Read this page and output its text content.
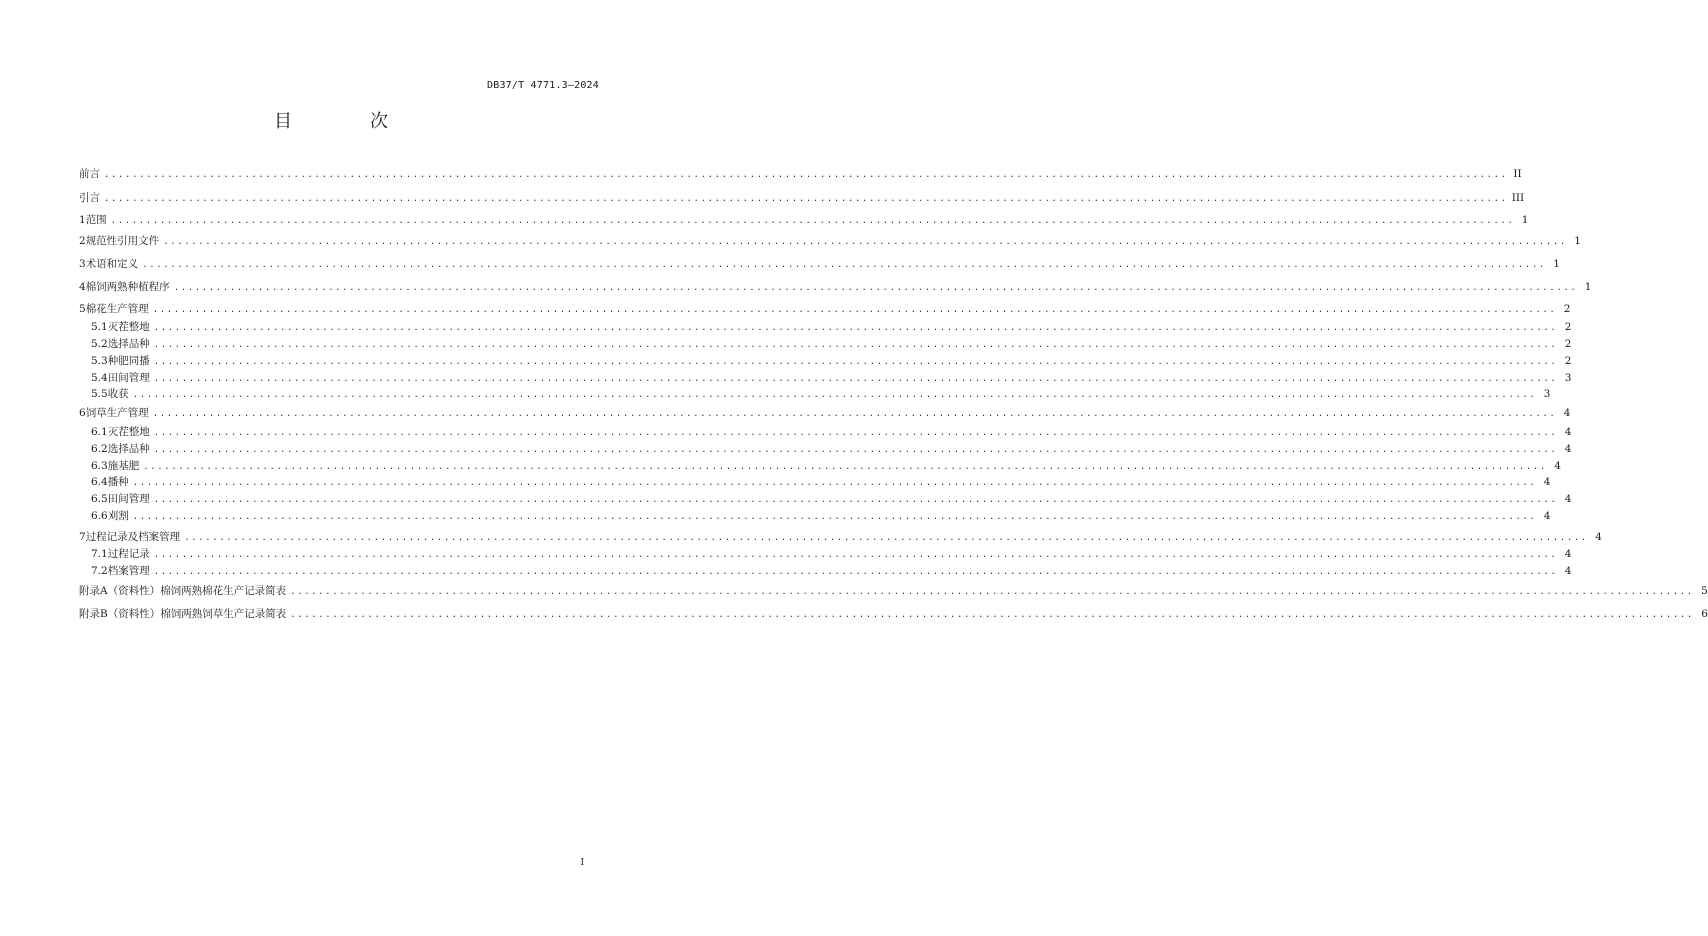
DB37/T 4771.3—2024
目　次
前言 ........................................................................................................................................................................................................ II
引言 ........................................................................................................................................................................................................ III
1 范围 ........................................................................................................................................................................................................ 1
2 规范性引用文件 ........................................................................................................................................................................................................ 1
3 术语和定义 ........................................................................................................................................................................................................ 1
4 棉饲两熟种植程序 ........................................................................................................................................................................................................ 1
5 棉花生产管理 ........................................................................................................................................................................................................ 2
5.1 灭茬整地 ........................................................................................................................................................................................................ 2
5.2 选择品种 ........................................................................................................................................................................................................ 2
5.3 种肥同播 ........................................................................................................................................................................................................ 2
5.4 田间管理 ........................................................................................................................................................................................................ 3
5.5 收获 ........................................................................................................................................................................................................ 3
6 饲草生产管理 ........................................................................................................................................................................................................ 4
6.1 灭茬整地 ........................................................................................................................................................................................................ 4
6.2 选择品种 ........................................................................................................................................................................................................ 4
6.3 施基肥 ........................................................................................................................................................................................................ 4
6.4 播种 ........................................................................................................................................................................................................ 4
6.5 田间管理 ........................................................................................................................................................................................................ 4
6.6 刈割 ........................................................................................................................................................................................................ 4
7 过程记录及档案管理 ........................................................................................................................................................................................................ 4
7.1 过程记录 ........................................................................................................................................................................................................ 4
7.2 档案管理 ........................................................................................................................................................................................................ 4
附录A（资料性） 棉饲两熟棉花生产记录简表 ........................................................................................................................................................................................................ 5
附录B（资料性） 棉饲两熟饲草生产记录简表 ........................................................................................................................................................................................................ 6
I
